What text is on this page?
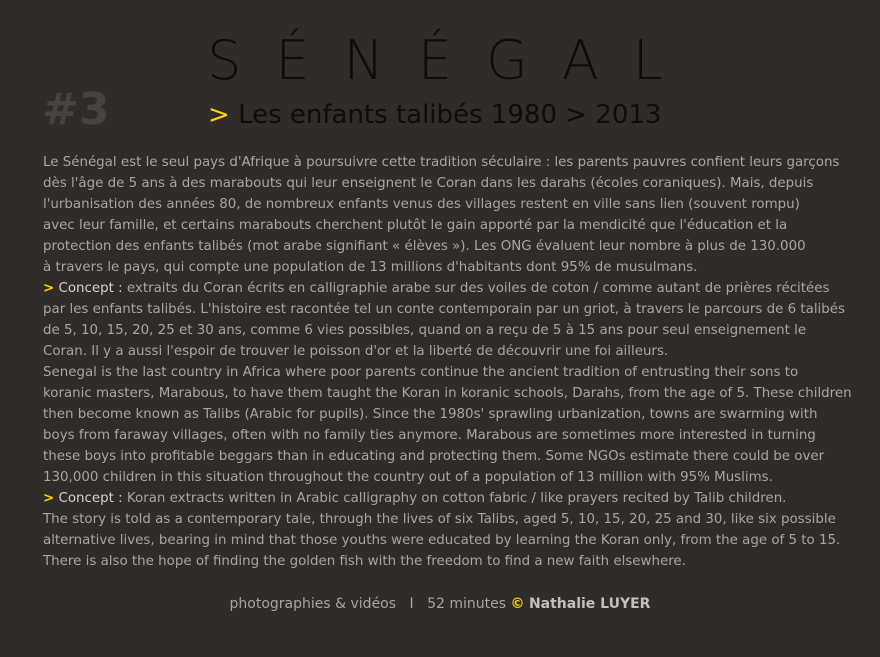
SÉNÉGAL
#3	> Les enfants talibés 1980 > 2013

Le Sénégal est le seul pays d'Afrique à poursuivre cette tradition séculaire : les parents pauvres confient leurs garçons
dès l'âge de 5 ans à des marabouts qui leur enseignent le Coran dans les darahs (écoles coraniques). Mais, depuis
l'urbanisation des années 80, de nombreux enfants venus des villages restent en ville sans lien (souvent rompu)
avec leur famille, et certains marabouts cherchent plutôt le gain apporté par la mendicité que l'éducation et la
protection des enfants talibés (mot arabe signifiant « élèves »). Les ONG évaluent leur nombre à plus de 130.000
à travers le pays, qui compte une population de 13 millions d'habitants dont 95% de musulmans.

> Concept : extraits du Coran écrits en calligraphie arabe sur des voiles de coton / comme autant de prières récitées
par les enfants talibés. L'histoire est racontée tel un conte contemporain par un griot, à travers le parcours de 6 talibés
de 5, 10, 15, 20, 25 et 30 ans, comme 6 vies possibles, quand on a reçu de 5 à 15 ans pour seul enseignement le
Coran. Il y a aussi l'espoir de trouver le poisson d'or et la liberté de découvrir une foi ailleurs.

Senegal is the last country in Africa where poor parents continue the ancient tradition of entrusting their sons to
koranic masters, Marabous, to have them taught the Koran in koranic schools, Darahs, from the age of 5. These children
then become known as Talibs (Arabic for pupils). Since the 1980s' sprawling urbanization, towns are swarming with
boys from faraway villages, often with no family ties anymore. Marabous are sometimes more interested in turning
these boys into profitable beggars than in educating and protecting them. Some NGOs estimate there could be over
130,000 children in this situation throughout the country out of a population of 13 million with 95% Muslims.

> Concept : Koran extracts written in Arabic calligraphy on cotton fabric / like prayers recited by Talib children.
The story is told as a contemporary tale, through the lives of six Talibs, aged 5, 10, 15, 20, 25 and 30, like six possible
alternative lives, bearing in mind that those youths were educated by learning the Koran only, from the age of 5 to 15.
There is also the hope of finding the golden fish with the freedom to find a new faith elsewhere.

photographies & vidéos I 52 minutes © Nathalie LUYER
